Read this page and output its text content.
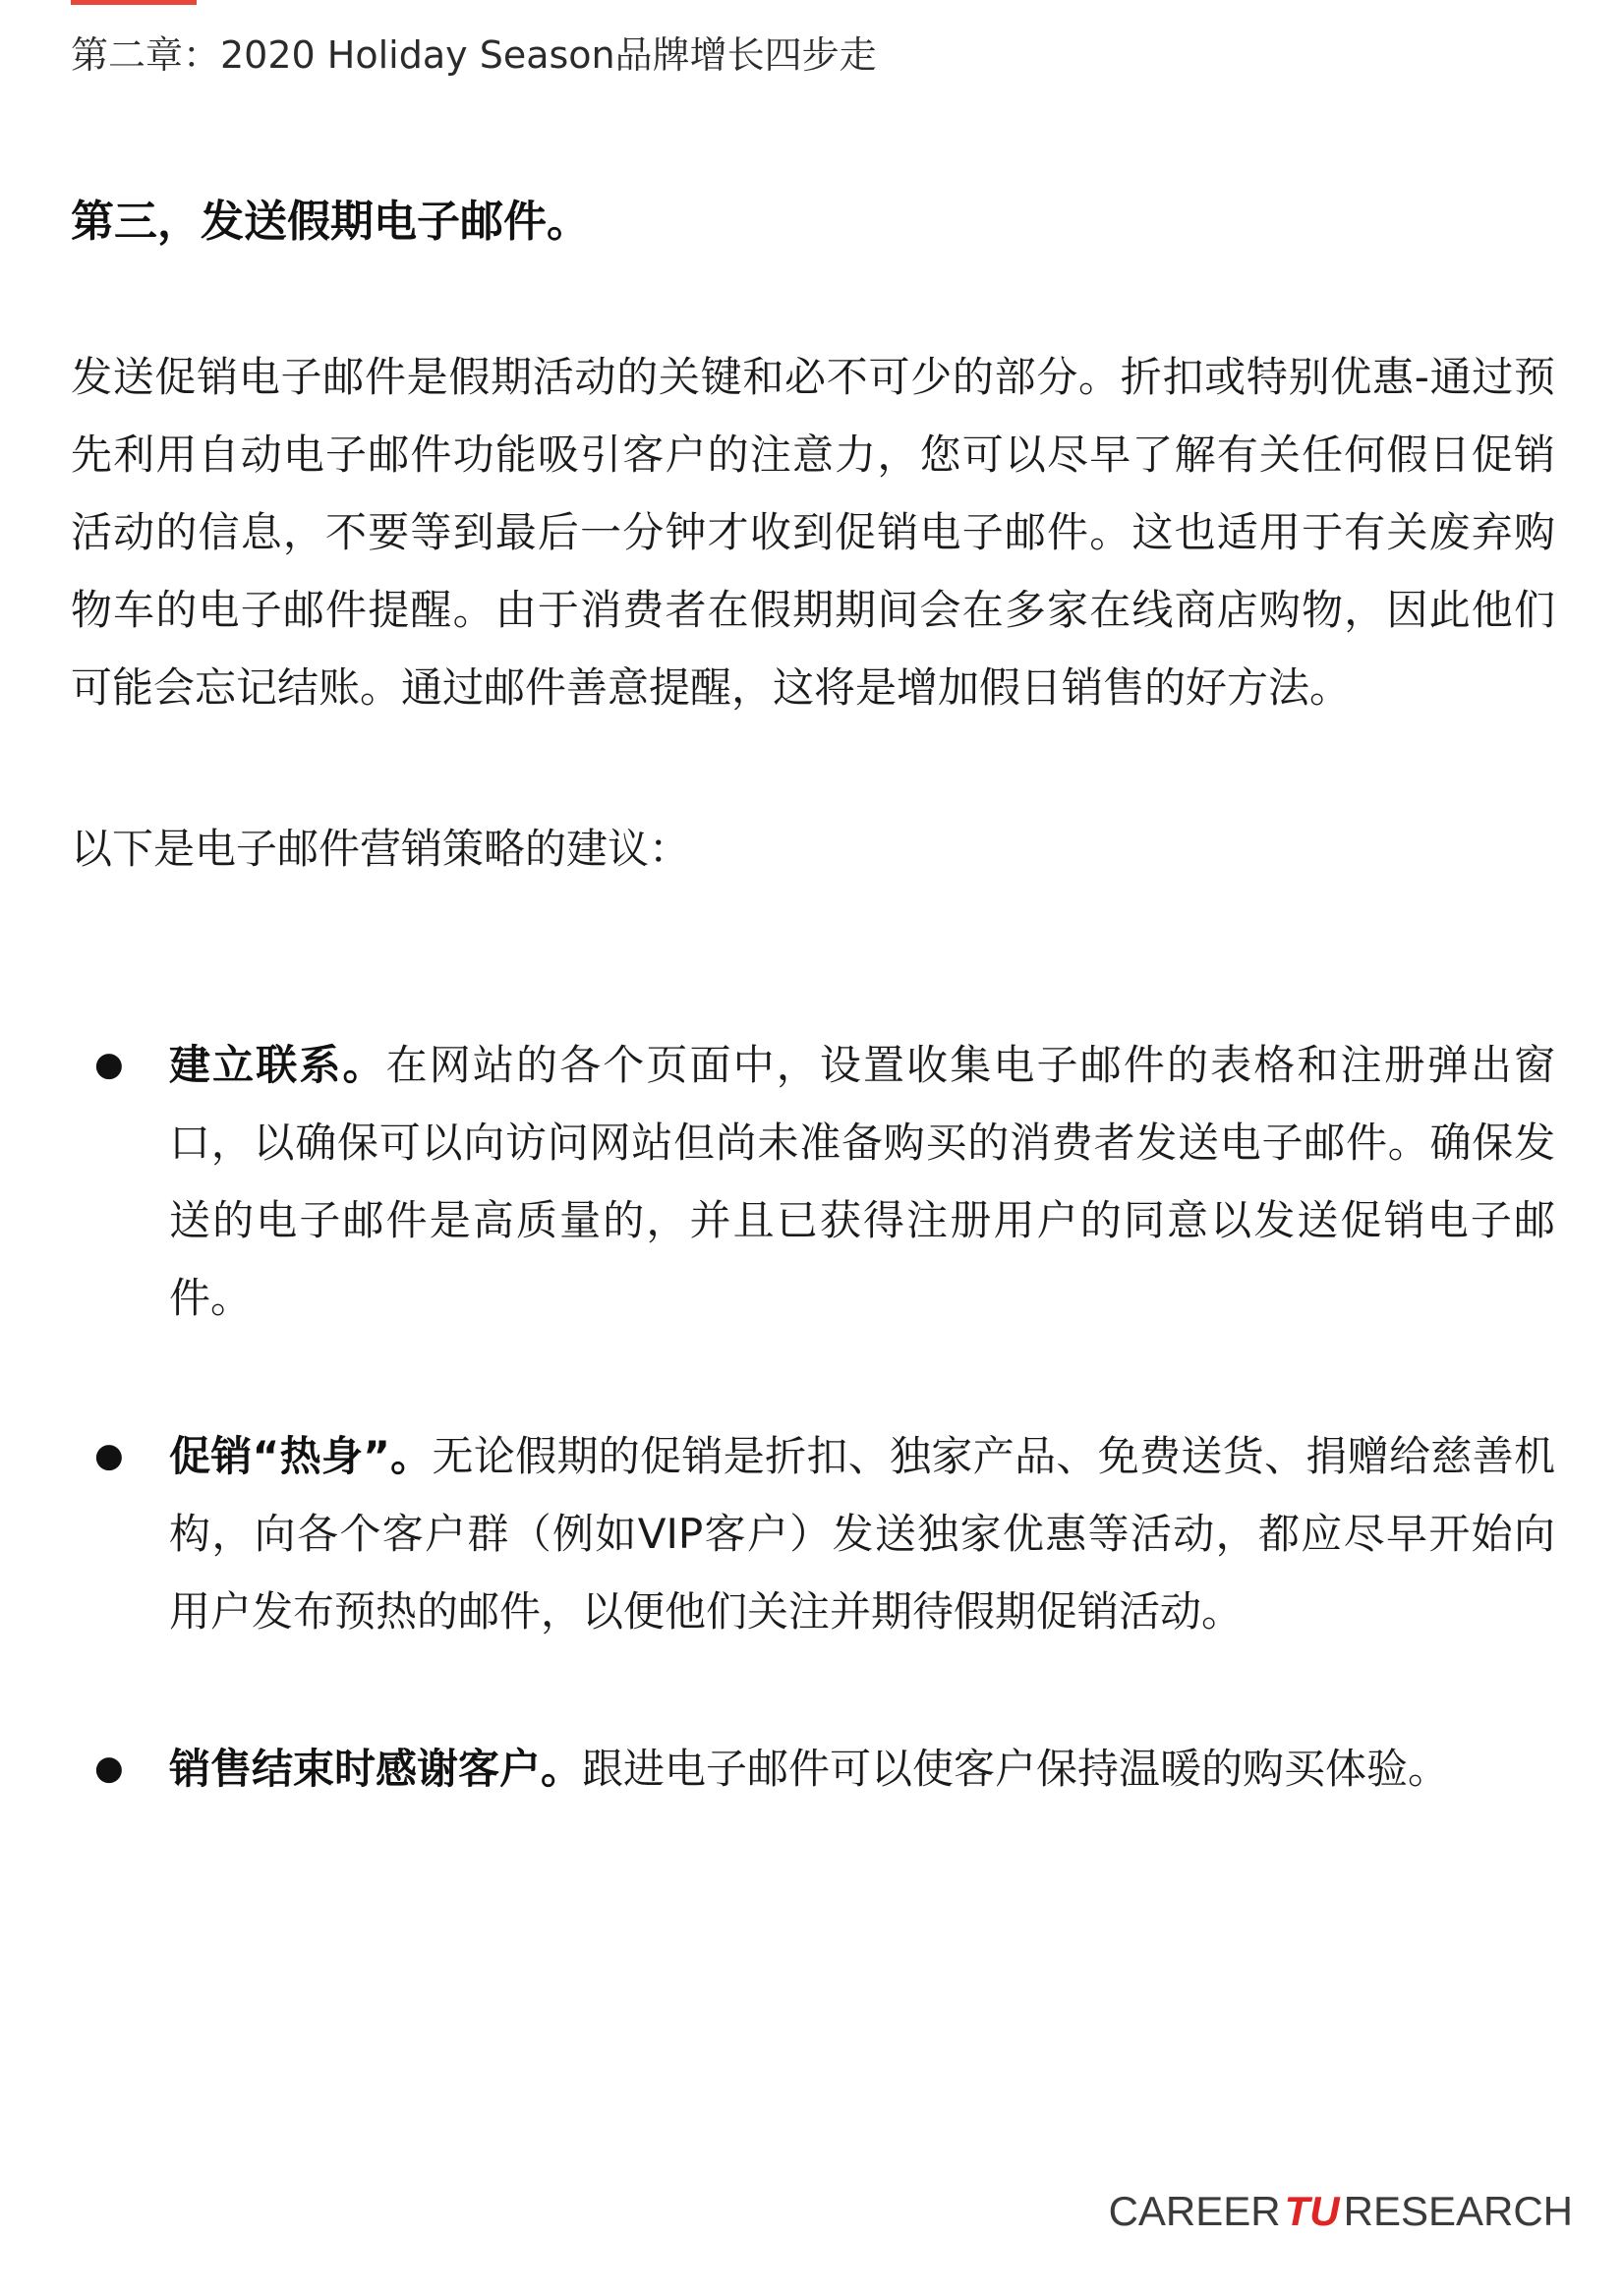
第二章：2020 Holiday Season品牌增长四步走
第三，发送假期电子邮件。
发送促销电子邮件是假期活动的关键和必不可少的部分。折扣或特别优惠-通过预先利用自动电子邮件功能吸引客户的注意力，您可以尽早了解有关任何假日促销活动的信息，不要等到最后一分钟才收到促销电子邮件。这也适用于有关废弃购物车的电子邮件提醒。由于消费者在假期期间会在多家在线商店购物，因此他们可能会忘记结账。通过邮件善意提醒，这将是增加假日销售的好方法。
以下是电子邮件营销策略的建议：
● 建立联系。在网站的各个页面中，设置收集电子邮件的表格和注册弹出窗口，以确保可以向访问网站但尚未准备购买的消费者发送电子邮件。确保发送的电子邮件是高质量的，并且已获得注册用户的同意以发送促销电子邮件。
● 促销“热身”。无论假期的促销是折扣、独家产品、免费送货、捐赠给慈善机构，向各个客户群（例如VIP客户）发送独家优惠等活动，都应尽早开始向用户发布预热的邮件，以便他们关注并期待假期促销活动。
● 销售结束时感谢客户。跟进电子邮件可以使客户保持温暖的购买体验。
CAREER TU RESEARCH
